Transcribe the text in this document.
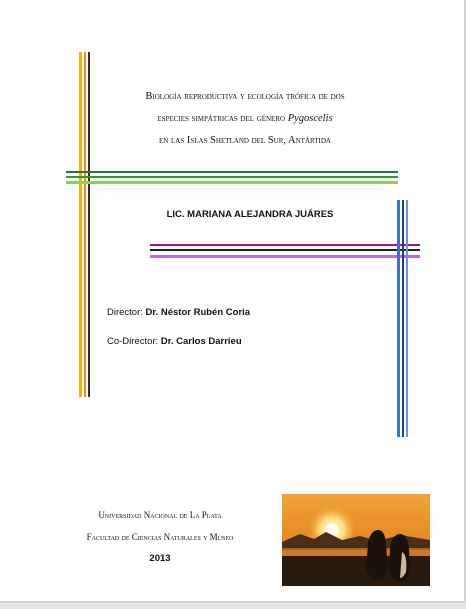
Biología reproductiva y ecología trófica de dos
especies simpátricas del género Pygoscelis
en las Islas Shetland del Sur, Antártida
LIC. MARIANA ALEJANDRA JUÁRES
Director: Dr. Néstor Rubén Coria
Co-Director: Dr. Carlos Darrieu
Universidad Nacional de La Plata
Facultad de Ciencias Naturales y Museo
2013
